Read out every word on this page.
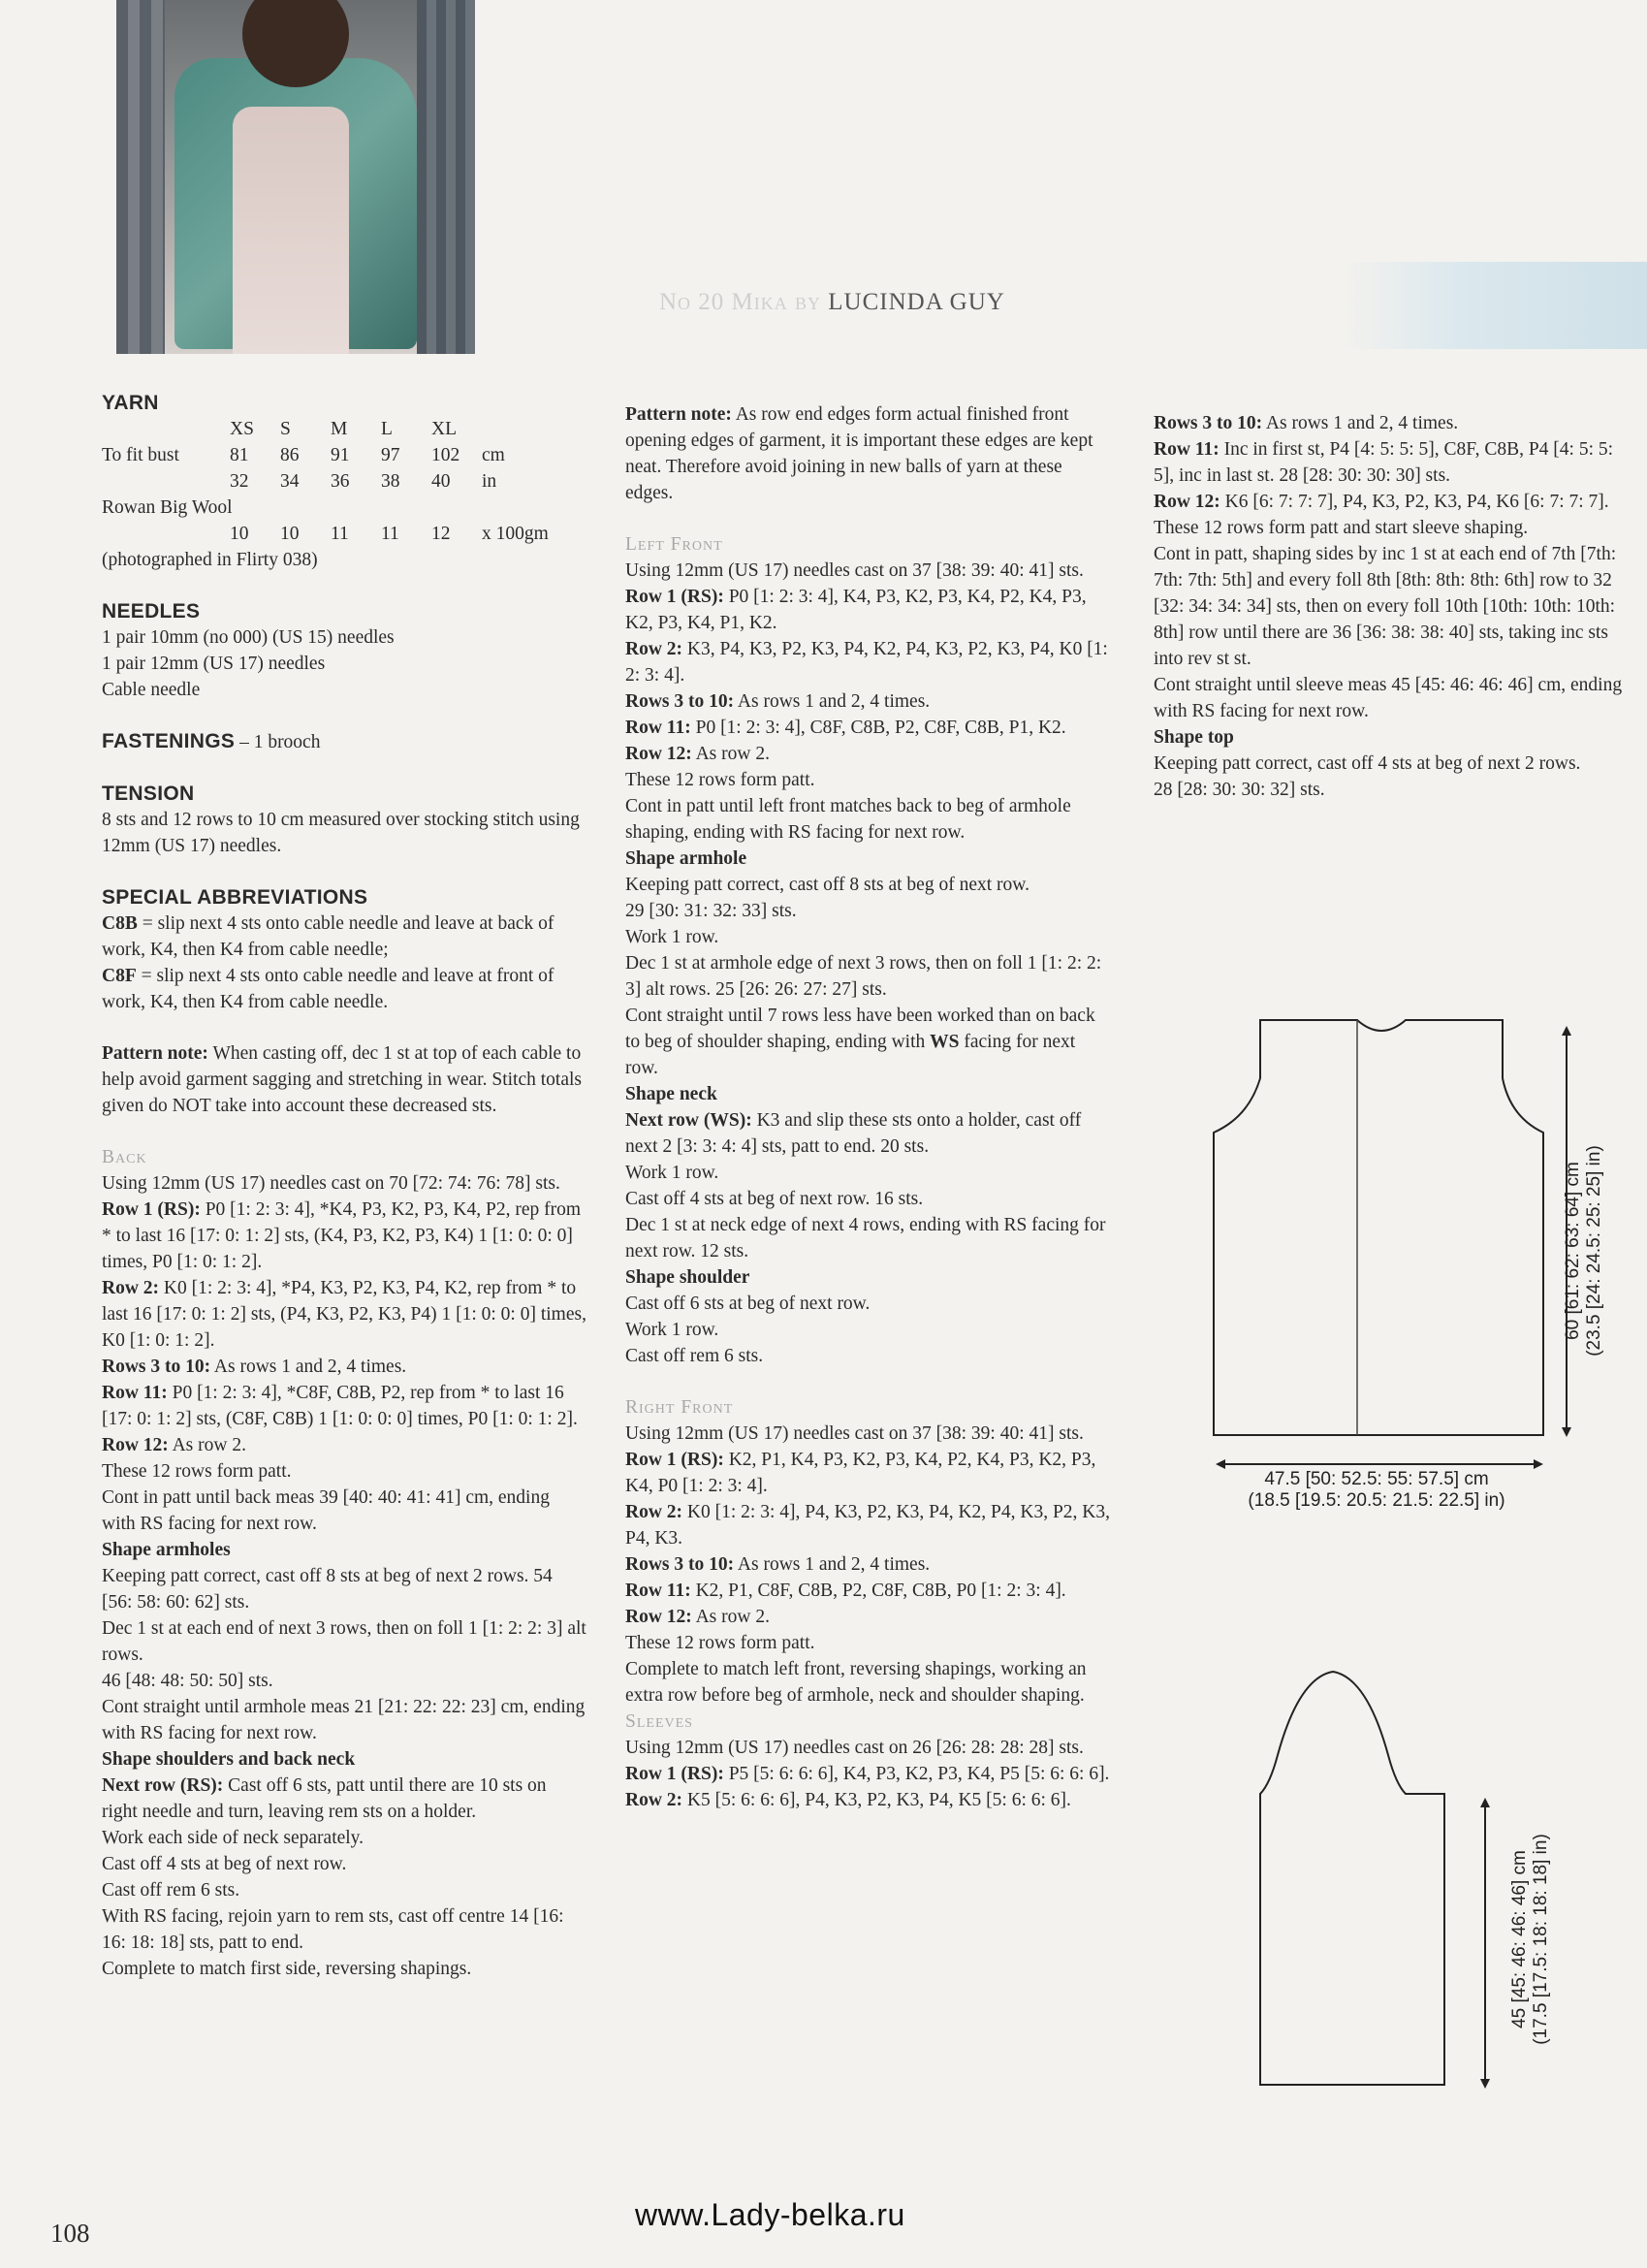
No 20 Mika by LUCINDA GUY

YARN

	XS	S	M	L	XL	
To fit bust	81	86	91	97	102	cm
	32	34	36	38	40	in
Rowan Big Wool						
	10	10	11	11	12	x 100gm

(photographed in Flirty 038)

NEEDLES

1 pair 10mm (no 000) (US 15) needles

1 pair 12mm (US 17) needles

Cable needle

FASTENINGS – 1 brooch

TENSION

8 sts and 12 rows to 10 cm measured over stocking stitch using 12mm (US 17) needles.

SPECIAL ABBREVIATIONS

C8B = slip next 4 sts onto cable needle and leave at back of work, K4, then K4 from cable needle;

C8F = slip next 4 sts onto cable needle and leave at front of work, K4, then K4 from cable needle.

Pattern note: When casting off, dec 1 st at top of each cable to help avoid garment sagging and stretching in wear. Stitch totals given do NOT take into account these decreased sts.

Back

Using 12mm (US 17) needles cast on 70 [72: 74: 76: 78] sts.

Row 1 (RS): P0 [1: 2: 3: 4], *K4, P3, K2, P3, K4, P2, rep from * to last 16 [17: 0: 1: 2] sts, (K4, P3, K2, P3, K4) 1 [1: 0: 0: 0] times, P0 [1: 0: 1: 2].

Row 2: K0 [1: 2: 3: 4], *P4, K3, P2, K3, P4, K2, rep from * to last 16 [17: 0: 1: 2] sts, (P4, K3, P2, K3, P4) 1 [1: 0: 0: 0] times, K0 [1: 0: 1: 2].

Rows 3 to 10: As rows 1 and 2, 4 times.

Row 11: P0 [1: 2: 3: 4], *C8F, C8B, P2, rep from * to last 16 [17: 0: 1: 2] sts, (C8F, C8B) 1 [1: 0: 0: 0] times, P0 [1: 0: 1: 2].

Row 12: As row 2.

These 12 rows form patt.

Cont in patt until back meas 39 [40: 40: 41: 41] cm, ending with RS facing for next row.

Shape armholes

Keeping patt correct, cast off 8 sts at beg of next 2 rows. 54 [56: 58: 60: 62] sts.

Dec 1 st at each end of next 3 rows, then on foll 1 [1: 2: 2: 3] alt rows.

46 [48: 48: 50: 50] sts.

Cont straight until armhole meas 21 [21: 22: 22: 23] cm, ending with RS facing for next row.

Shape shoulders and back neck

Next row (RS): Cast off 6 sts, patt until there are 10 sts on right needle and turn, leaving rem sts on a holder.

Work each side of neck separately.

Cast off 4 sts at beg of next row.

Cast off rem 6 sts.

With RS facing, rejoin yarn to rem sts, cast off centre 14 [16: 16: 18: 18] sts, patt to end.

Complete to match first side, reversing shapings.

Pattern note: As row end edges form actual finished front opening edges of garment, it is important these edges are kept neat. Therefore avoid joining in new balls of yarn at these edges.

Left Front

Using 12mm (US 17) needles cast on 37 [38: 39: 40: 41] sts.

Row 1 (RS): P0 [1: 2: 3: 4], K4, P3, K2, P3, K4, P2, K4, P3, K2, P3, K4, P1, K2.

Row 2: K3, P4, K3, P2, K3, P4, K2, P4, K3, P2, K3, P4, K0 [1: 2: 3: 4].

Rows 3 to 10: As rows 1 and 2, 4 times.

Row 11: P0 [1: 2: 3: 4], C8F, C8B, P2, C8F, C8B, P1, K2.

Row 12: As row 2.

These 12 rows form patt.

Cont in patt until left front matches back to beg of armhole shaping, ending with RS facing for next row.

Shape armhole

Keeping patt correct, cast off 8 sts at beg of next row.

29 [30: 31: 32: 33] sts.

Work 1 row.

Dec 1 st at armhole edge of next 3 rows, then on foll 1 [1: 2: 2: 3] alt rows. 25 [26: 26: 27: 27] sts.

Cont straight until 7 rows less have been worked than on back to beg of shoulder shaping, ending with WS facing for next row.

Shape neck

Next row (WS): K3 and slip these sts onto a holder, cast off next 2 [3: 3: 4: 4] sts, patt to end. 20 sts.

Work 1 row.

Cast off 4 sts at beg of next row. 16 sts.

Dec 1 st at neck edge of next 4 rows, ending with RS facing for next row. 12 sts.

Shape shoulder

Cast off 6 sts at beg of next row.

Work 1 row.

Cast off rem 6 sts.

Right Front

Using 12mm (US 17) needles cast on 37 [38: 39: 40: 41] sts.

Row 1 (RS): K2, P1, K4, P3, K2, P3, K4, P2, K4, P3, K2, P3, K4, P0 [1: 2: 3: 4].

Row 2: K0 [1: 2: 3: 4], P4, K3, P2, K3, P4, K2, P4, K3, P2, K3, P4, K3.

Rows 3 to 10: As rows 1 and 2, 4 times.

Row 11: K2, P1, C8F, C8B, P2, C8F, C8B, P0 [1: 2: 3: 4].

Row 12: As row 2.

These 12 rows form patt.

Complete to match left front, reversing shapings, working an extra row before beg of armhole, neck and shoulder shaping.

Sleeves

Using 12mm (US 17) needles cast on 26 [26: 28: 28: 28] sts.

Row 1 (RS): P5 [5: 6: 6: 6], K4, P3, K2, P3, K4, P5 [5: 6: 6: 6].

Row 2: K5 [5: 6: 6: 6], P4, K3, P2, K3, P4, K5 [5: 6: 6: 6].

Rows 3 to 10: As rows 1 and 2, 4 times.

Row 11: Inc in first st, P4 [4: 5: 5: 5], C8F, C8B, P4 [4: 5: 5: 5], inc in last st. 28 [28: 30: 30: 30] sts.

Row 12: K6 [6: 7: 7: 7], P4, K3, P2, K3, P4, K6 [6: 7: 7: 7].

These 12 rows form patt and start sleeve shaping.

Cont in patt, shaping sides by inc 1 st at each end of 7th [7th: 7th: 7th: 5th] and every foll 8th [8th: 8th: 8th: 6th] row to 32 [32: 34: 34: 34] sts, then on every foll 10th [10th: 10th: 10th: 8th] row until there are 36 [36: 38: 38: 40] sts, taking inc sts into rev st st.

Cont straight until sleeve meas 45 [45: 46: 46: 46] cm, ending with RS facing for next row.

Shape top

Keeping patt correct, cast off 4 sts at beg of next 2 rows.

28 [28: 30: 30: 32] sts.

47.5 [50: 52.5: 55: 57.5] cm
(18.5 [19.5: 20.5: 21.5: 22.5] in)
60 [61: 62: 63: 64] cm (23.5 [24: 24.5: 25: 25] in)
45 [45: 46: 46: 46] cm (17.5 [17.5: 18: 18: 18] in)
108
www.Lady-belka.ru
